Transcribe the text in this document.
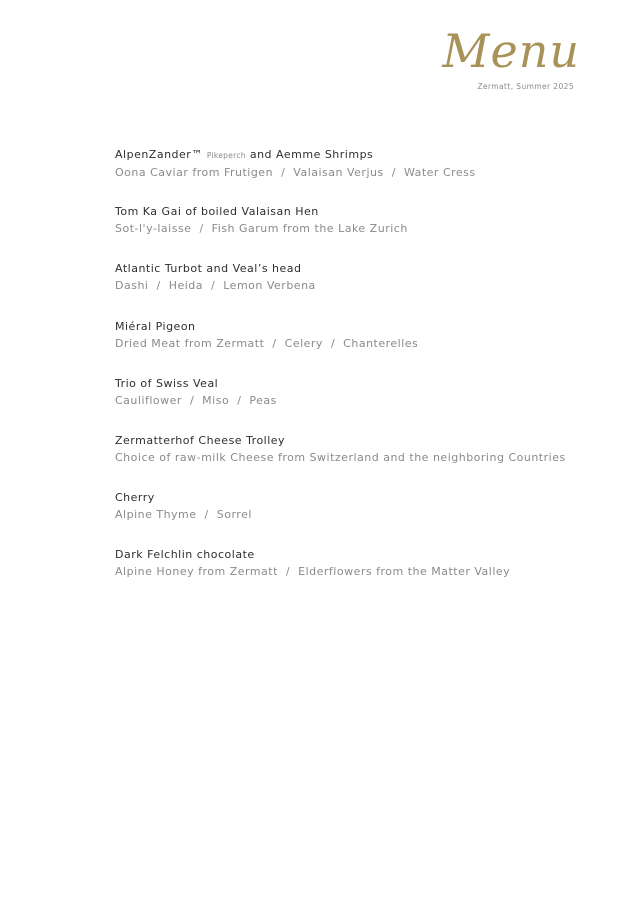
Menu
Zermatt, Summer 2025
AlpenZander™ Pikeperch and Aemme Shrimps
Oona Caviar from Frutigen / Valaisan Verjus / Water Cress
Tom Ka Gai of boiled Valaisan Hen
Sot-l'y-laisse / Fish Garum from the Lake Zurich
Atlantic Turbot and Veal’s head
Dashi / Heida / Lemon Verbena
Miéral Pigeon
Dried Meat from Zermatt / Celery / Chanterelles
Trio of Swiss Veal
Cauliflower / Miso / Peas
Zermatterhof Cheese Trolley
Choice of raw-milk Cheese from Switzerland and the neighboring Countries
Cherry
Alpine Thyme / Sorrel
Dark Felchlin chocolate
Alpine Honey from Zermatt / Elderflowers from the Matter Valley
